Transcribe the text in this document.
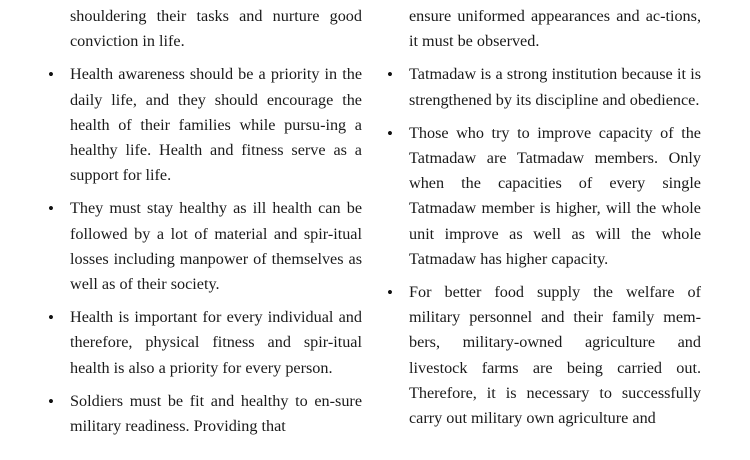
shouldering their tasks and nurture good conviction in life.

• Health awareness should be a priority in the daily life, and they should encourage the health of their families while pursu-ing a healthy life. Health and fitness serve as a support for life.
• They must stay healthy as ill health can be followed by a lot of material and spir-itual losses including manpower of themselves as well as of their society.
• Health is important for every individual and therefore, physical fitness and spir-itual health is also a priority for every person.
• Soldiers must be fit and healthy to en-sure military readiness. Providing that

ensure uniformed appearances and ac-tions, it must be observed.

• Tatmadaw is a strong institution because it is strengthened by its discipline and obedience.
• Those who try to improve capacity of the Tatmadaw are Tatmadaw members. Only when the capacities of every single Tatmadaw member is higher, will the whole unit improve as well as will the whole Tatmadaw has higher capacity.
• For better food supply the welfare of military personnel and their family mem-bers, military-owned agriculture and livestock farms are being carried out. Therefore, it is necessary to successfully carry out military own agriculture and
